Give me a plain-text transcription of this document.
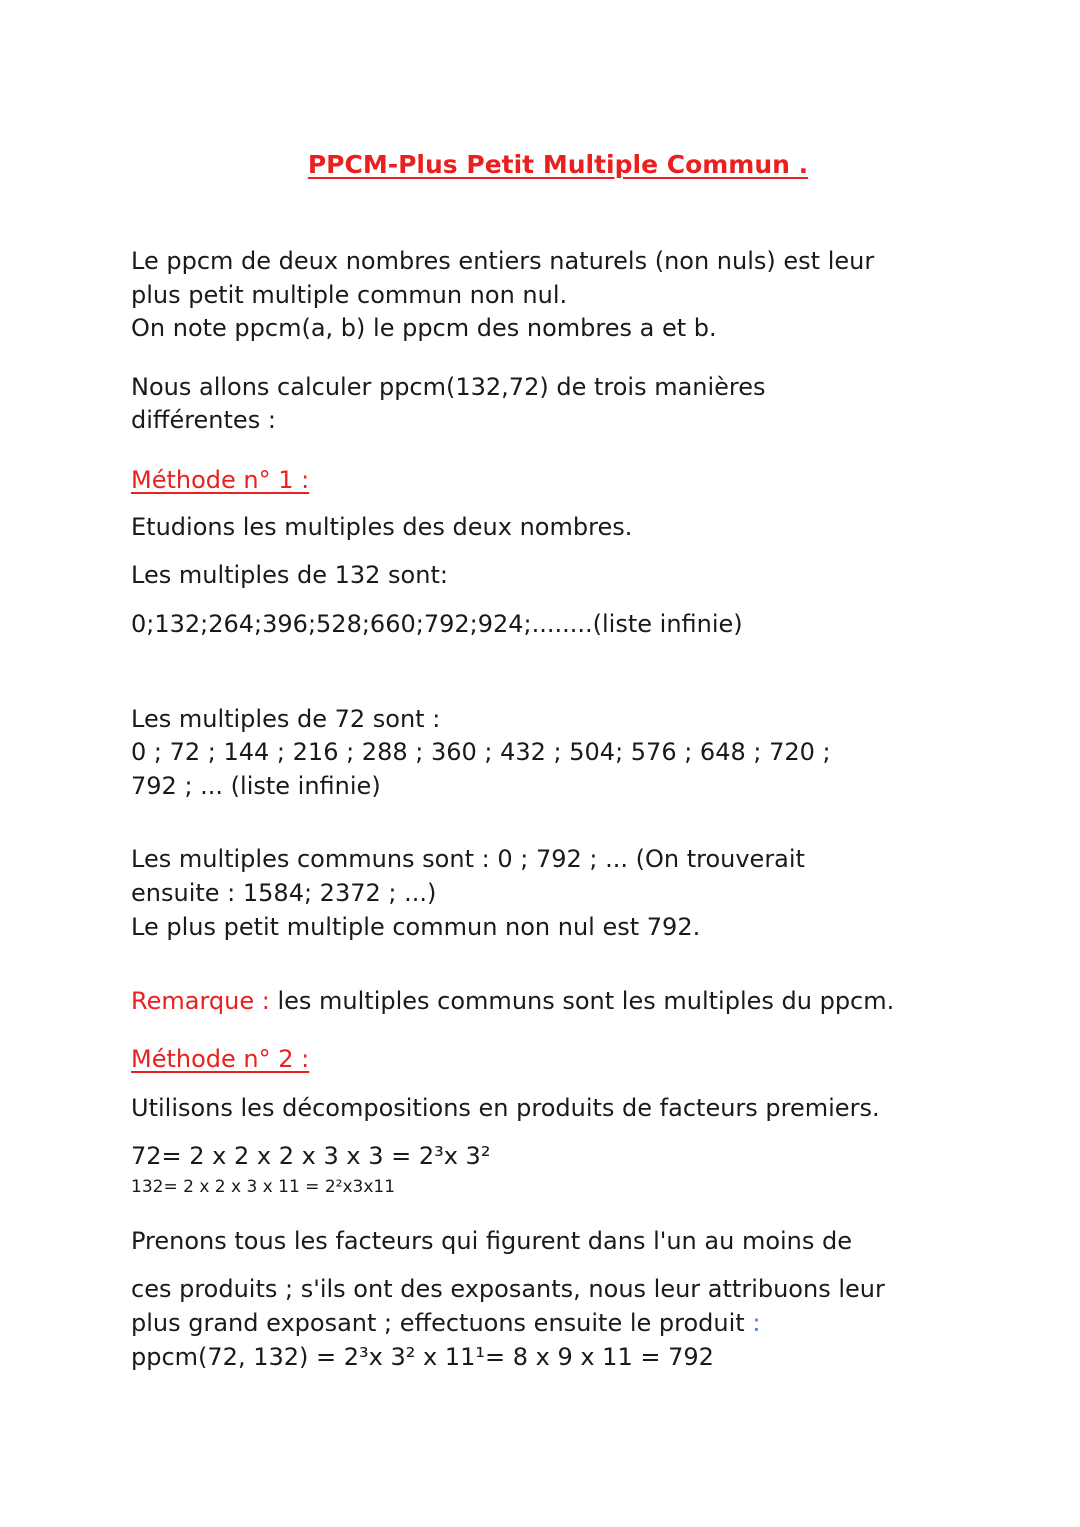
PPCM-Plus Petit Multiple Commun .

Le ppcm de deux nombres entiers naturels (non nuls) est leur

plus petit multiple commun non nul.

On note ppcm(a, b) le ppcm des nombres a et b.

Nous allons calculer ppcm(132,72) de trois manières

différentes :

Méthode n° 1 :

Etudions les multiples des deux nombres.

Les multiples de 132 sont:

0;132;264;396;528;660;792;924;........(liste infinie)

Les multiples de 72 sont :

0 ; 72 ; 144 ; 216 ; 288 ; 360 ; 432 ; 504; 576 ; 648 ; 720 ;

792 ; ... (liste infinie)

Les multiples communs sont : 0 ; 792 ; ... (On trouverait

ensuite : 1584; 2372 ; ...)

Le plus petit multiple commun non nul est 792.

Remarque : les multiples communs sont les multiples du ppcm.

Méthode n° 2 :

Utilisons les décompositions en produits de facteurs premiers.

72= 2 x 2 x 2 x 3 x 3 = 2³x 3²

132= 2 x 2 x 3 x 11 = 2²x3x11

Prenons tous les facteurs qui figurent dans l'un au moins de

ces produits ; s'ils ont des exposants, nous leur attribuons leur

plus grand exposant ; effectuons ensuite le produit :

ppcm(72, 132) = 2³x 3² x 11¹= 8 x 9 x 11 = 792
